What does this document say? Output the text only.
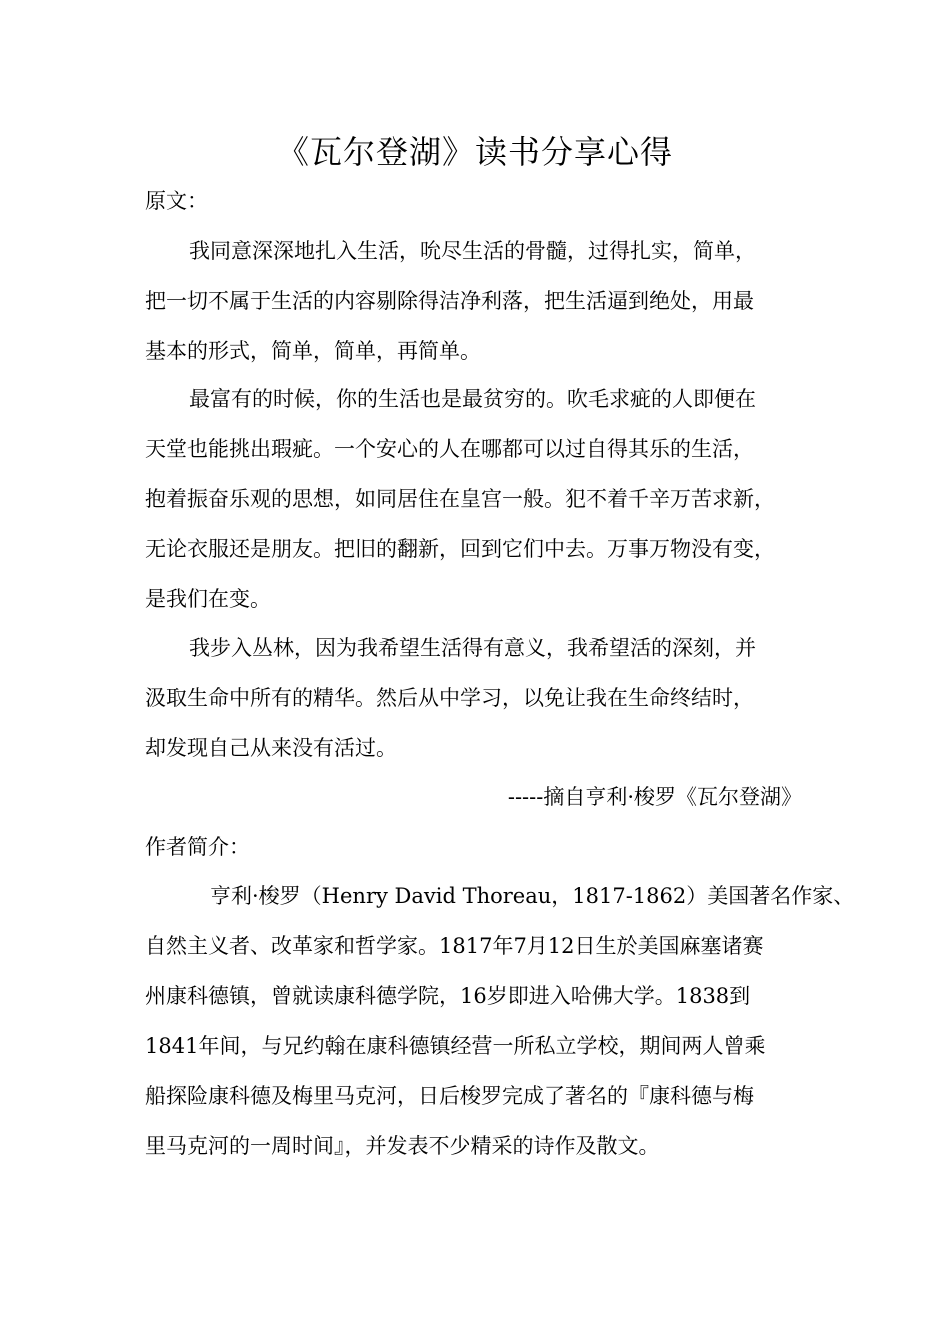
《瓦尔登湖》读书分享心得
原文：
我同意深深地扎入生活，吮尽生活的骨髓，过得扎实，简单，
把一切不属于生活的内容剔除得洁净利落，把生活逼到绝处，用最
基本的形式，简单，简单，再简单。
最富有的时候，你的生活也是最贫穷的。吹毛求疵的人即便在
天堂也能挑出瑕疵。一个安心的人在哪都可以过自得其乐的生活，
抱着振奋乐观的思想，如同居住在皇宫一般。犯不着千辛万苦求新，
无论衣服还是朋友。把旧的翻新，回到它们中去。万事万物没有变，
是我们在变。
我步入丛林，因为我希望生活得有意义，我希望活的深刻，并
汲取生命中所有的精华。然后从中学习，以免让我在生命终结时，
却发现自己从来没有活过。
-----摘自亨利·梭罗《瓦尔登湖》
作者简介：
亨利·梭罗（Henry David Thoreau，1817-1862）美国著名作家、
自然主义者、改革家和哲学家。1817年7月12日生於美国麻塞诸赛
州康科德镇，曾就读康科德学院，16岁即进入哈佛大学。1838到
1841年间，与兄约翰在康科德镇经营一所私立学校，期间两人曾乘
船探险康科德及梅里马克河，日后梭罗完成了著名的『康科德与梅
里马克河的一周时间』，并发表不少精采的诗作及散文。
